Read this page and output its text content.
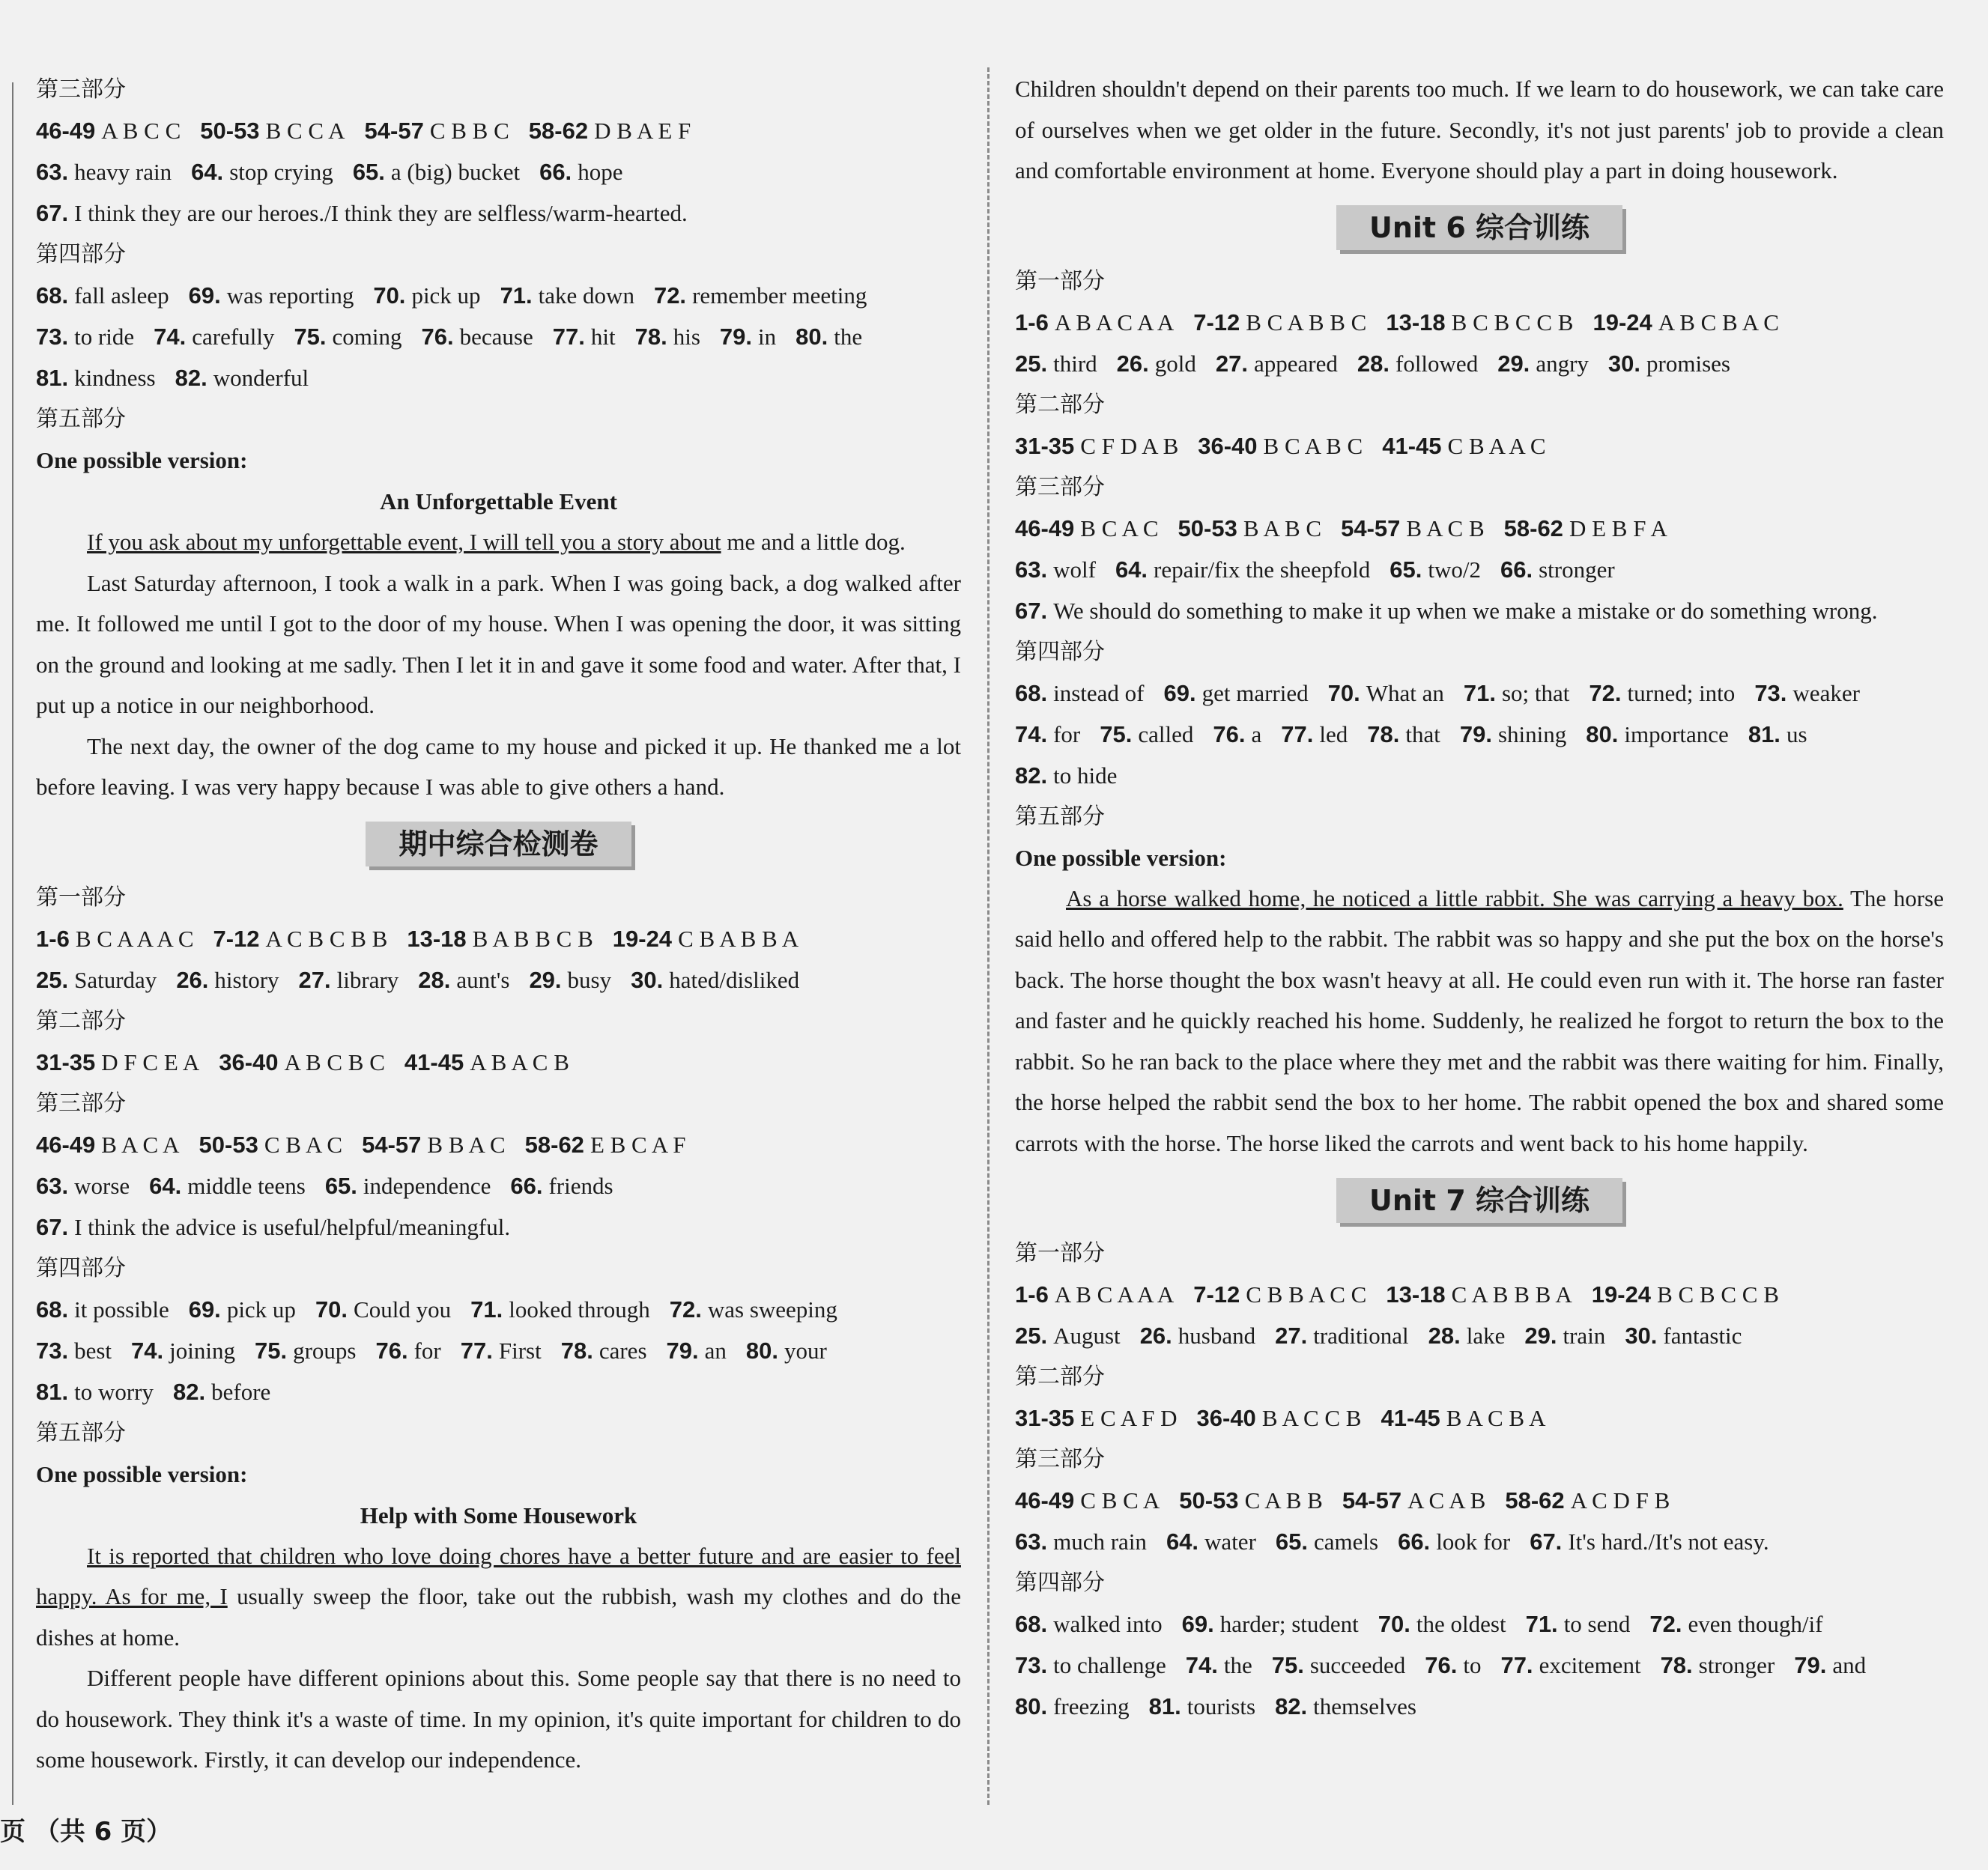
第三部分
46-49 A B C C 50-53 B C C A 54-57 C B B C 58-62 D B A E F
63. heavy rain 64. stop crying 65. a (big) bucket 66. hope
67. I think they are our heroes./I think they are selfless/warm-hearted.
第四部分
68. fall asleep 69. was reporting 70. pick up 71. take down 72. remember meeting
73. to ride 74. carefully 75. coming 76. because 77. hit 78. his 79. in 80. the
81. kindness 82. wonderful
第五部分
One possible version:
An Unforgettable Event
If you ask about my unforgettable event, I will tell you a story about me and a little dog.
Last Saturday afternoon, I took a walk in a park. When I was going back, a dog walked after me. It followed me until I got to the door of my house. When I was opening the door, it was sitting on the ground and looking at me sadly. Then I let it in and gave it some food and water. After that, I put up a notice in our neighborhood.
The next day, the owner of the dog came to my house and picked it up. He thanked me a lot before leaving. I was very happy because I was able to give others a hand.
期中综合检测卷
第一部分
1-6 B C A A A C 7-12 A C B C B B 13-18 B A B B C B 19-24 C B A B B A
25. Saturday 26. history 27. library 28. aunt's 29. busy 30. hated/disliked
第二部分
31-35 D F C E A 36-40 A B C B C 41-45 A B A C B
第三部分
46-49 B A C A 50-53 C B A C 54-57 B B A C 58-62 E B C A F
63. worse 64. middle teens 65. independence 66. friends
67. I think the advice is useful/helpful/meaningful.
第四部分
68. it possible 69. pick up 70. Could you 71. looked through 72. was sweeping
73. best 74. joining 75. groups 76. for 77. First 78. cares 79. an 80. your
81. to worry 82. before
第五部分
One possible version:
Help with Some Housework
It is reported that children who love doing chores have a better future and are easier to feel happy. As for me, I usually sweep the floor, take out the rubbish, wash my clothes and do the dishes at home.
Different people have different opinions about this. Some people say that there is no need to do housework. They think it's a waste of time. In my opinion, it's quite important for children to do some housework. Firstly, it can develop our independence.
Children shouldn't depend on their parents too much. If we learn to do housework, we can take care of ourselves when we get older in the future. Secondly, it's not just parents' job to provide a clean and comfortable environment at home. Everyone should play a part in doing housework.
Unit 6 综合训练
第一部分
1-6 A B A C A A 7-12 B C A B B C 13-18 B C B C C B 19-24 A B C B A C
25. third 26. gold 27. appeared 28. followed 29. angry 30. promises
第二部分
31-35 C F D A B 36-40 B C A B C 41-45 C B A A C
第三部分
46-49 B C A C 50-53 B A B C 54-57 B A C B 58-62 D E B F A
63. wolf 64. repair/fix the sheepfold 65. two/2 66. stronger
67. We should do something to make it up when we make a mistake or do something wrong.
第四部分
68. instead of 69. get married 70. What an 71. so; that 72. turned; into 73. weaker
74. for 75. called 76. a 77. led 78. that 79. shining 80. importance 81. us
82. to hide
第五部分
One possible version:
As a horse walked home, he noticed a little rabbit. She was carrying a heavy box. The horse said hello and offered help to the rabbit. The rabbit was so happy and she put the box on the horse's back. The horse thought the box wasn't heavy at all. He could even run with it. The horse ran faster and faster and he quickly reached his home. Suddenly, he realized he forgot to return the box to the rabbit. So he ran back to the place where they met and the rabbit was there waiting for him. Finally, the horse helped the rabbit send the box to her home. The rabbit opened the box and shared some carrots with the horse. The horse liked the carrots and went back to his home happily.
Unit 7 综合训练
第一部分
1-6 A B C A A A 7-12 C B B A C C 13-18 C A B B B A 19-24 B C B C C B
25. August 26. husband 27. traditional 28. lake 29. train 30. fantastic
第二部分
31-35 E C A F D 36-40 B A C C B 41-45 B A C B A
第三部分
46-49 C B C A 50-53 C A B B 54-57 A C A B 58-62 A C D F B
63. much rain 64. water 65. camels 66. look for 67. It's hard./It's not easy.
第四部分
68. walked into 69. harder; student 70. the oldest 71. to send 72. even though/if
73. to challenge 74. the 75. succeeded 76. to 77. excitement 78. stronger 79. and
80. freezing 81. tourists 82. themselves
页 （共 6 页）
